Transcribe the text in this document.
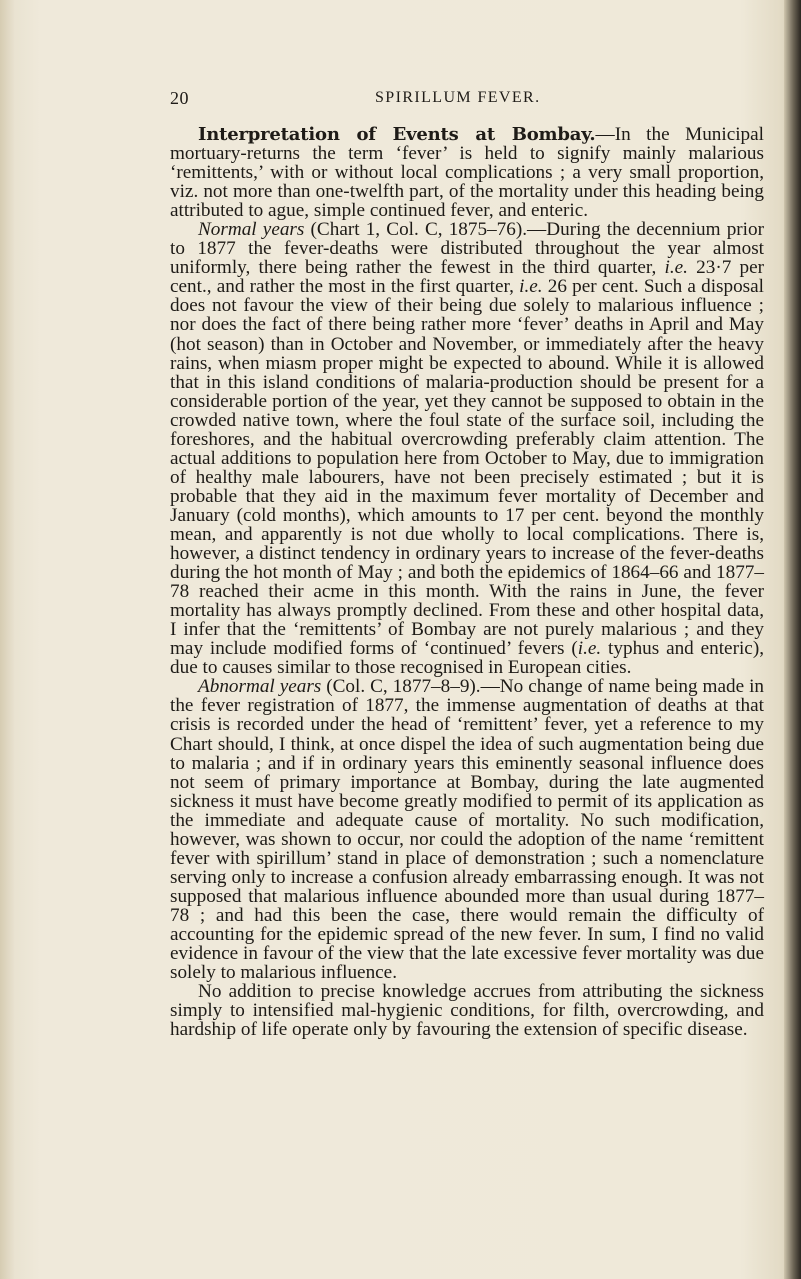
20	SPIRILLUM FEVER.

Interpretation of Events at Bombay.—In the Municipal mortuary-returns the term ‘fever’ is held to signify mainly malarious ‘remittents,’ with or without local complications ; a very small proportion, viz. not more than one-twelfth part, of the mortality under this heading being attributed to ague, simple continued fever, and enteric.

Normal years (Chart 1, Col. C, 1875–76).—During the decennium prior to 1877 the fever-deaths were distributed throughout the year almost uniformly, there being rather the fewest in the third quarter, i.e. 23·7 per cent., and rather the most in the first quarter, i.e. 26 per cent. Such a disposal does not favour the view of their being due solely to malarious influence ; nor does the fact of there being rather more ‘fever’ deaths in April and May (hot season) than in October and November, or immediately after the heavy rains, when miasm proper might be expected to abound. While it is allowed that in this island conditions of malaria-production should be present for a considerable portion of the year, yet they cannot be supposed to obtain in the crowded native town, where the foul state of the surface soil, including the foreshores, and the habitual overcrowding preferably claim attention. The actual additions to population here from October to May, due to immigration of healthy male labourers, have not been precisely estimated ; but it is probable that they aid in the maximum fever mortality of December and January (cold months), which amounts to 17 per cent. beyond the monthly mean, and apparently is not due wholly to local complications. There is, however, a distinct tendency in ordinary years to increase of the fever-deaths during the hot month of May ; and both the epidemics of 1864–66 and 1877–78 reached their acme in this month. With the rains in June, the fever mortality has always promptly declined. From these and other hospital data, I infer that the ‘remittents’ of Bombay are not purely malarious ; and they may include modified forms of ‘continued’ fevers (i.e. typhus and enteric), due to causes similar to those recognised in European cities.

Abnormal years (Col. C, 1877–8–9).—No change of name being made in the fever registration of 1877, the immense augmentation of deaths at that crisis is recorded under the head of ‘remittent’ fever, yet a reference to my Chart should, I think, at once dispel the idea of such augmentation being due to malaria ; and if in ordinary years this eminently seasonal influence does not seem of primary importance at Bombay, during the late augmented sickness it must have become greatly modified to permit of its application as the immediate and adequate cause of mortality. No such modification, however, was shown to occur, nor could the adoption of the name ‘remittent fever with spirillum’ stand in place of demonstration ; such a nomenclature serving only to increase a confusion already embarrassing enough. It was not supposed that malarious influence abounded more than usual during 1877–78 ; and had this been the case, there would remain the difficulty of accounting for the epidemic spread of the new fever. In sum, I find no valid evidence in favour of the view that the late excessive fever mortality was due solely to malarious influence.

No addition to precise knowledge accrues from attributing the sickness simply to intensified mal-hygienic conditions, for filth, overcrowding, and hardship of life operate only by favouring the extension of specific disease.
